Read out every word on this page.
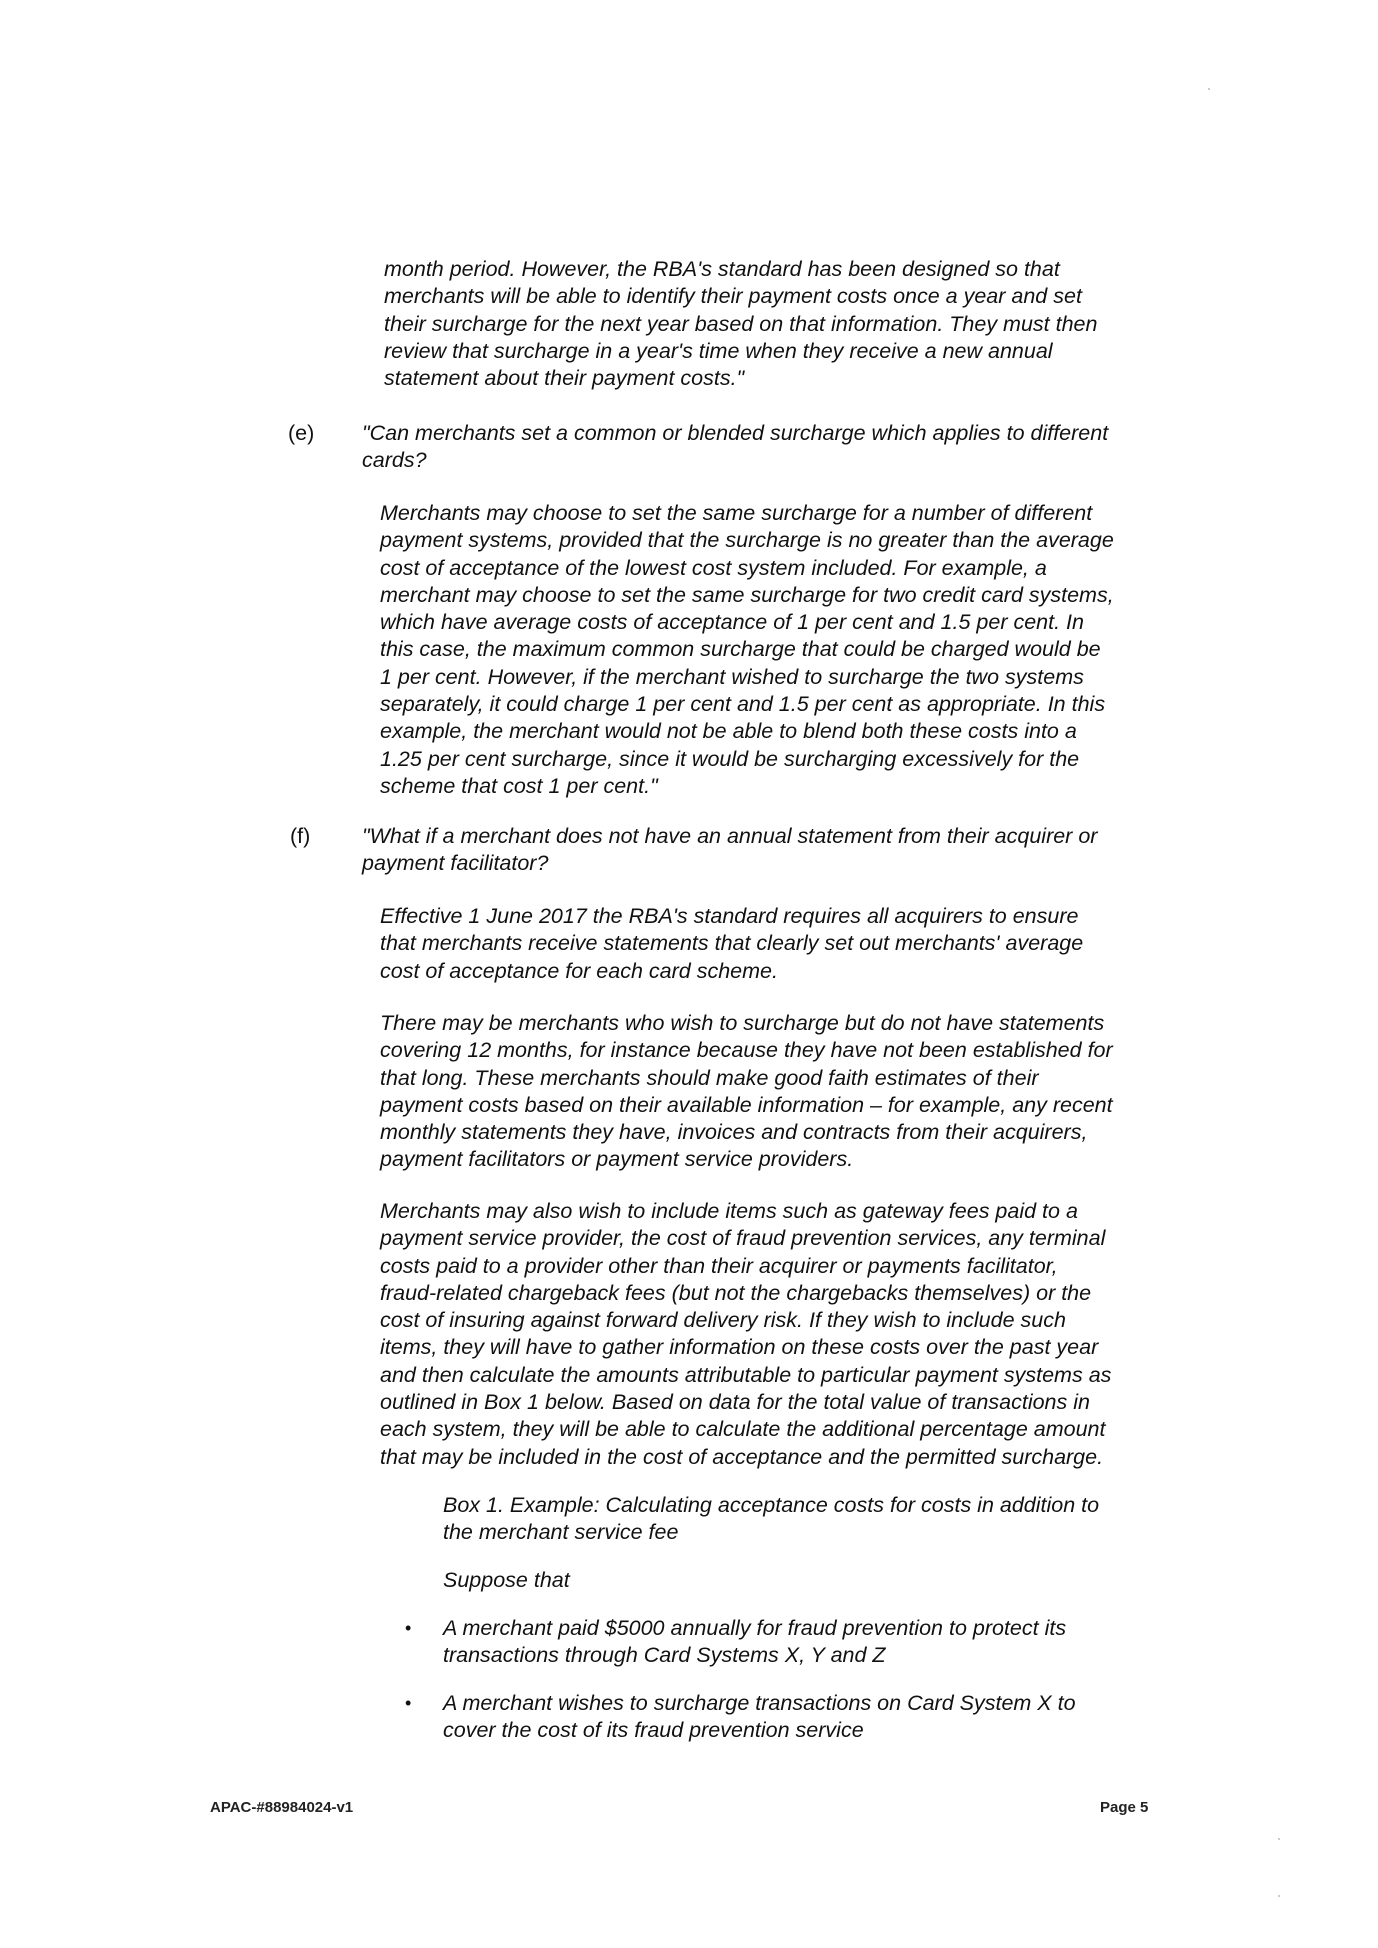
month period. However, the RBA's standard has been designed so that
merchants will be able to identify their payment costs once a year and set
their surcharge for the next year based on that information. They must then
review that surcharge in a year's time when they receive a new annual
statement about their payment costs."
(e) "Can merchants set a common or blended surcharge which applies to different
cards?
Merchants may choose to set the same surcharge for a number of different
payment systems, provided that the surcharge is no greater than the average
cost of acceptance of the lowest cost system included. For example, a
merchant may choose to set the same surcharge for two credit card systems,
which have average costs of acceptance of 1 per cent and 1.5 per cent. In
this case, the maximum common surcharge that could be charged would be
1 per cent. However, if the merchant wished to surcharge the two systems
separately, it could charge 1 per cent and 1.5 per cent as appropriate. In this
example, the merchant would not be able to blend both these costs into a
1.25 per cent surcharge, since it would be surcharging excessively for the
scheme that cost 1 per cent."
(f) "What if a merchant does not have an annual statement from their acquirer or
payment facilitator?
Effective 1 June 2017 the RBA's standard requires all acquirers to ensure
that merchants receive statements that clearly set out merchants' average
cost of acceptance for each card scheme.
There may be merchants who wish to surcharge but do not have statements
covering 12 months, for instance because they have not been established for
that long. These merchants should make good faith estimates of their
payment costs based on their available information – for example, any recent
monthly statements they have, invoices and contracts from their acquirers,
payment facilitators or payment service providers.
Merchants may also wish to include items such as gateway fees paid to a
payment service provider, the cost of fraud prevention services, any terminal
costs paid to a provider other than their acquirer or payments facilitator,
fraud-related chargeback fees (but not the chargebacks themselves) or the
cost of insuring against forward delivery risk. If they wish to include such
items, they will have to gather information on these costs over the past year
and then calculate the amounts attributable to particular payment systems as
outlined in Box 1 below. Based on data for the total value of transactions in
each system, they will be able to calculate the additional percentage amount
that may be included in the cost of acceptance and the permitted surcharge.
Box 1. Example: Calculating acceptance costs for costs in addition to
the merchant service fee
Suppose that
• A merchant paid $5000 annually for fraud prevention to protect its
transactions through Card Systems X, Y and Z
• A merchant wishes to surcharge transactions on Card System X to
cover the cost of its fraud prevention service
APAC-#88984024-v1	Page 5
